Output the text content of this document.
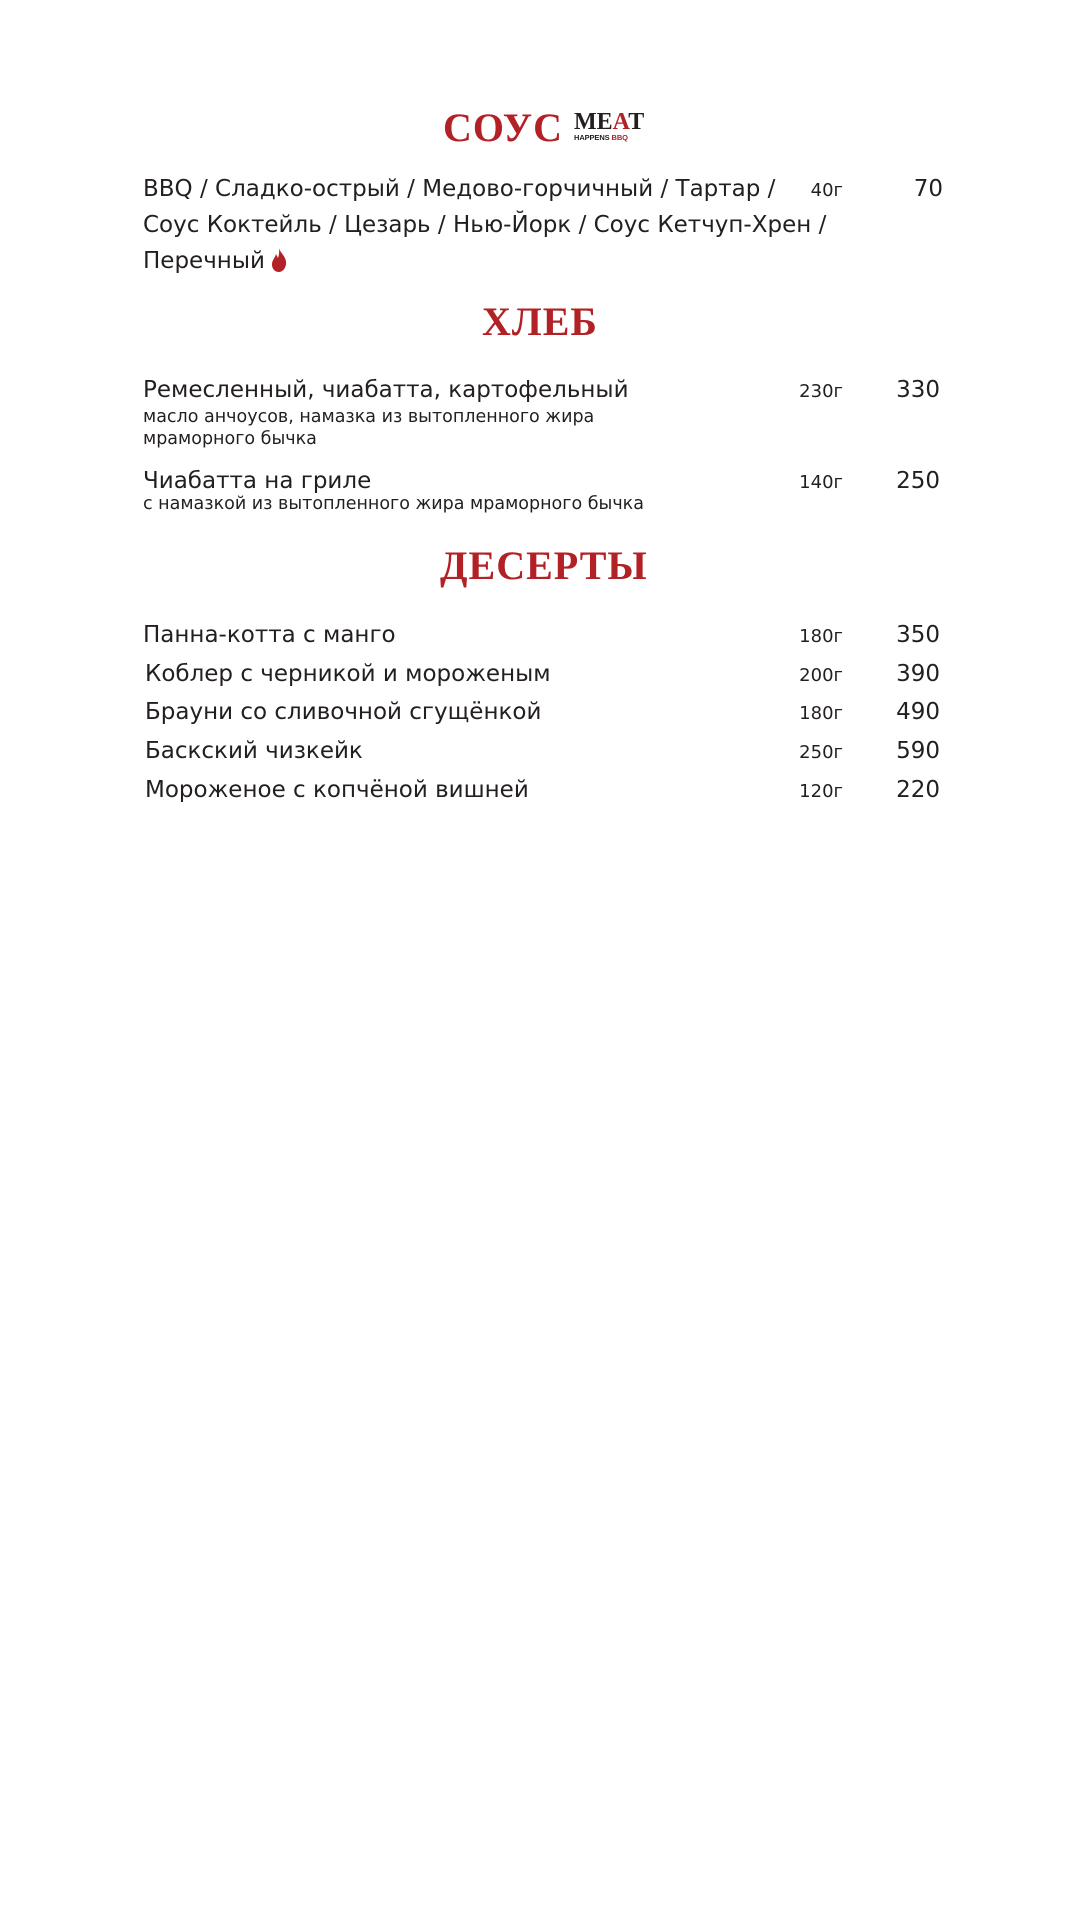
СОУС MEAT
HAPPENS BBQ
BBQ / Сладко-острый / Медово-горчичный / Тартар /
Соус Коктейль / Цезарь / Нью-Йорк / Соус Кетчуп-Хрен /
Перечный
40г	70
ХЛЕБ
Ремесленный, чиабатта, картофельный
масло анчоусов, намазка из вытопленного жира
мраморного бычка
230г	330
Чиабатта на гриле
с намазкой из вытопленного жира мраморного бычка
140г	250
ДЕСЕРТЫ
Панна-котта с манго	180г	350
Коблер с черникой и мороженым	200г	390
Брауни со сливочной сгущёнкой	180г	490
Баскский чизкейк	250г	590
Мороженое с копчёной вишней	120г	220
